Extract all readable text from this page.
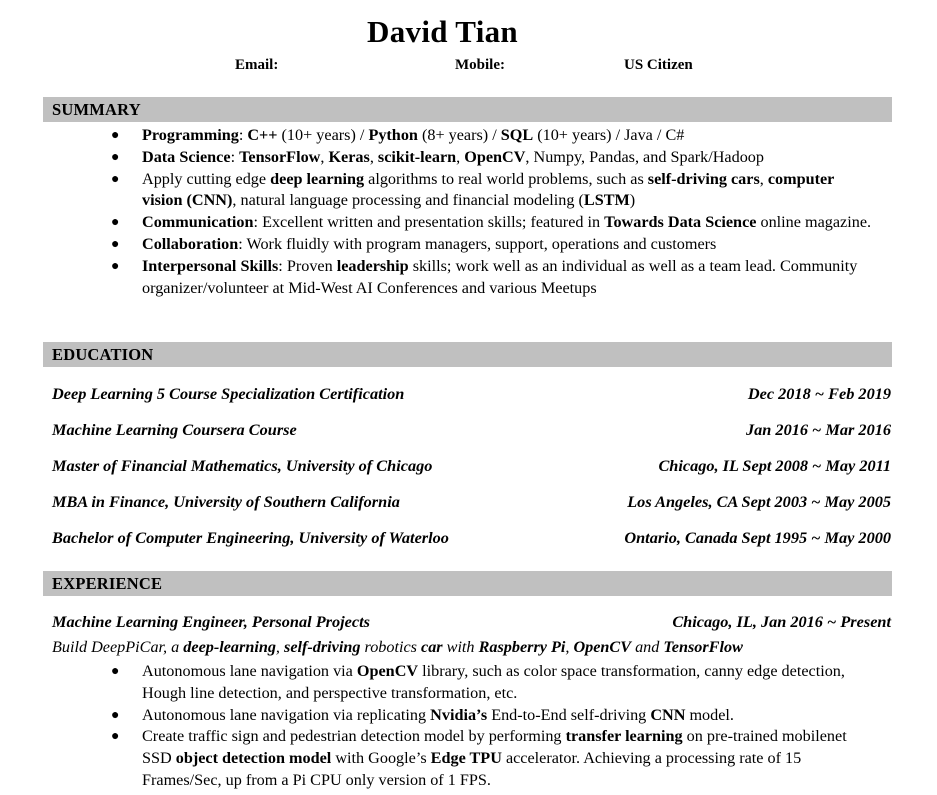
David Tian
Email:	Mobile:	US Citizen
SUMMARY
● Programming: C++ (10+ years) / Python (8+ years) / SQL (10+ years) / Java / C#
● Data Science: TensorFlow, Keras, scikit-learn, OpenCV, Numpy, Pandas, and Spark/Hadoop
● Apply cutting edge deep learning algorithms to real world problems, such as self-driving cars, computer vision (CNN), natural language processing and financial modeling (LSTM)
● Communication: Excellent written and presentation skills; featured in Towards Data Science online magazine.
● Collaboration: Work fluidly with program managers, support, operations and customers
● Interpersonal Skills: Proven leadership skills; work well as an individual as well as a team lead. Community organizer/volunteer at Mid-West AI Conferences and various Meetups
EDUCATION
Deep Learning 5 Course Specialization Certification	Dec 2018 ~ Feb 2019
Machine Learning Coursera Course	Jan 2016 ~ Mar 2016
Master of Financial Mathematics, University of Chicago	Chicago, IL Sept 2008 ~ May 2011
MBA in Finance, University of Southern California	Los Angeles, CA Sept 2003 ~ May 2005
Bachelor of Computer Engineering, University of Waterloo	Ontario, Canada Sept 1995 ~ May 2000
EXPERIENCE
Machine Learning Engineer, Personal Projects	Chicago, IL, Jan 2016 ~ Present
Build DeepPiCar, a deep-learning, self-driving robotics car with Raspberry Pi, OpenCV and TensorFlow
● Autonomous lane navigation via OpenCV library, such as color space transformation, canny edge detection, Hough line detection, and perspective transformation, etc.
● Autonomous lane navigation via replicating Nvidia’s End-to-End self-driving CNN model.
● Create traffic sign and pedestrian detection model by performing transfer learning on pre-trained mobilenet SSD object detection model with Google’s Edge TPU accelerator. Achieving a processing rate of 15 Frames/Sec, up from a Pi CPU only version of 1 FPS.
